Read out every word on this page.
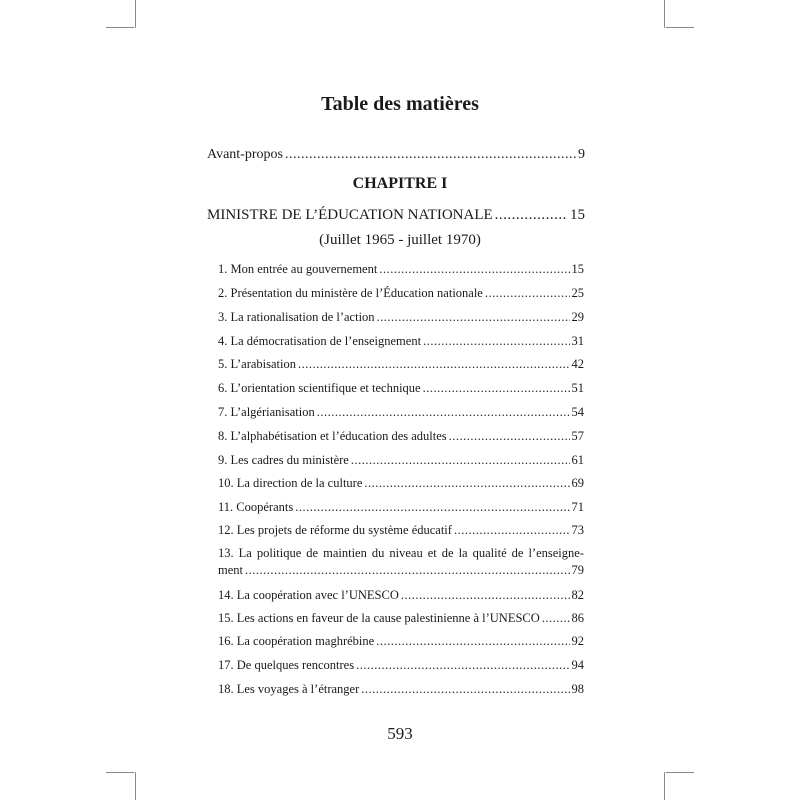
Table des matières
Avant-propos .....	9
CHAPITRE I
MINISTRE DE L’ÉDUCATION NATIONALE .....	15
(Juillet 1965 - juillet 1970)
1. Mon entrée au gouvernement .....	15
2. Présentation du ministère de l’Éducation nationale .....	25
3. La rationalisation de l’action .....	29
4. La démocratisation de l’enseignement .....	31
5. L’arabisation .....	42
6. L’orientation scientifique et technique .....	51
7. L’algérianisation .....	54
8. L’alphabétisation et l’éducation des adultes .....	57
9. Les cadres du ministère .....	61
10. La direction de la culture .....	69
11. Coopérants .....	71
12. Les projets de réforme du système éducatif .....	73
13. La politique de maintien du niveau et de la qualité de l’enseigne-
ment .....	79
14. La coopération avec l’UNESCO .....	82
15. Les actions en faveur de la cause palestinienne à l’UNESCO .....	86
16. La coopération maghrébine .....	92
17. De quelques rencontres .....	94
18. Les voyages à l’étranger .....	98
593
